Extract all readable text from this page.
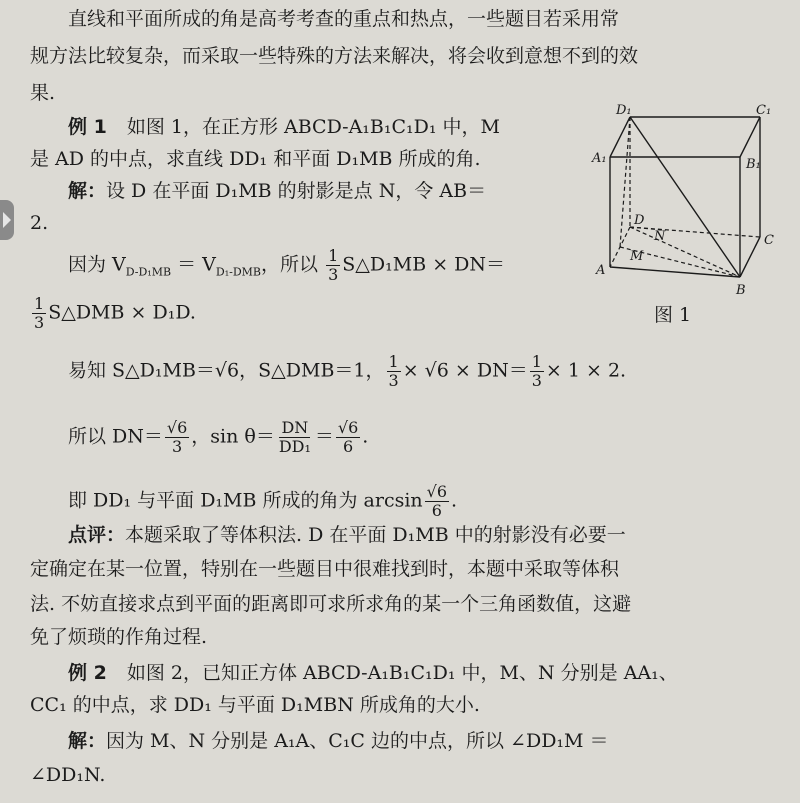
直线和平面所成的角是高考考查的重点和热点，一些题目若采用常
规方法比较复杂，而采取一些特殊的方法来解决，将会收到意想不到的效
果.
例 1 如图 1，在正方形 ABCD-A₁B₁C₁D₁ 中，M
是 AD 的中点，求直线 DD₁ 和平面 D₁MB 所成的角.
解：设 D 在平面 D₁MB 的射影是点 N，令 AB＝
2.
因为 $V_{D-D_1MB} = V_{D_1-DMB}$，所以 $\frac{1}{3}$ S△D₁MB × DN＝
$\frac{1}{3}$ S△DMB × D₁D.
易知 S△D₁MB＝√6，S△DMB＝1， $\frac{1}{3} \times √6 \times DN= \frac{1}{3} \times 1 \times 2$.
所以 $DN= \frac{√6}{3}$ ，$\sin \theta= \frac{DN}{\text{DD₁}} = \frac{√6}{6}$ .
即 DD₁ 与平面 D₁MB 所成的角为 $\arcsin \frac{√6}{6}$ .
D₁	C₁
A₁	B₁
D
C
A
B
M
N
图 1
点评：本题采取了等体积法. D 在平面 D₁MB 中的射影没有必要一
定确定在某一位置，特别在一些题目中很难找到时，本题中采取等体积
法. 不妨直接求点到平面的距离即可求所求角的某一个三角函数值，这避
免了烦琐的作角过程.
例 2 如图 2，已知正方体 ABCD-A₁B₁C₁D₁ 中，M、N 分别是 AA₁、
CC₁ 的中点，求 DD₁ 与平面 D₁MBN 所成角的大小.
解：因为 M、N 分别是 A₁A、C₁C 边的中点，所以 ∠DD₁M ＝
∠DD₁N.
